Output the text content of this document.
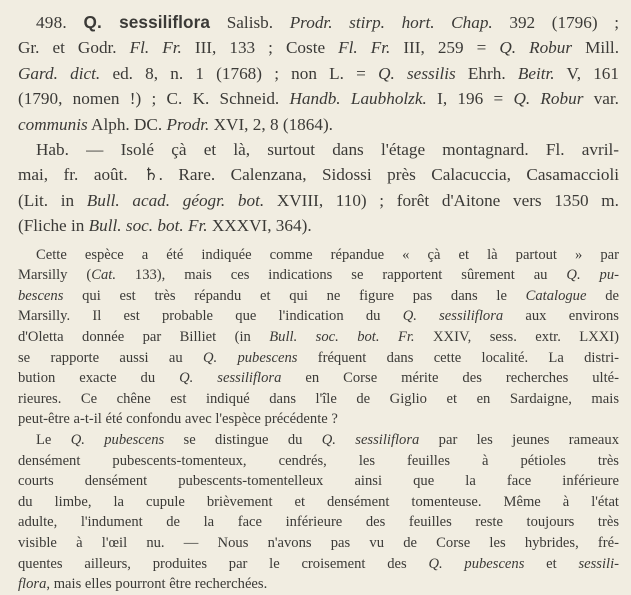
498. Q. sessiliflora Salisb. Prodr. stirp. hort. Chap. 392 (1796) ;
Gr. et Godr. Fl. Fr. III, 133 ; Coste Fl. Fr. III, 259 = Q. Robur Mill.
Gard. dict. ed. 8, n. 1 (1768) ; non L. = Q. sessilis Ehrh. Beitr. V, 161
(1790, nomen !) ; C. K. Schneid. Handb. Laubholzk. I, 196 = Q. Robur var.
communis Alph. DC. Prodr. XVI, 2, 8 (1864).
Hab. — Isolé çà et là, surtout dans l'étage montagnard. Fl. avril-
mai, fr. août. ♄. Rare. Calenzana, Sidossi près Calacuccia, Casamaccioli
(Lit. in Bull. acad. géogr. bot. XVIII, 110) ; forêt d'Aitone vers 1350 m.
(Fliche in Bull. soc. bot. Fr. XXXVI, 364).
Cette espèce a été indiquée comme répandue « çà et là partout » par
Marsilly (Cat. 133), mais ces indications se rapportent sûrement au Q. pu-
bescens qui est très répandu et qui ne figure pas dans le Catalogue de
Marsilly. Il est probable que l'indication du Q. sessiliflora aux environs
d'Oletta donnée par Billiet (in Bull. soc. bot. Fr. XXIV, sess. extr. LXXI)
se rapporte aussi au Q. pubescens fréquent dans cette localité. La distri-
bution exacte du Q. sessiliflora en Corse mérite des recherches ulté-
rieures. Ce chêne est indiqué dans l'île de Giglio et en Sardaigne, mais
peut-être a-t-il été confondu avec l'espèce précédente ?
Le Q. pubescens se distingue du Q. sessiliflora par les jeunes rameaux
densément pubescents-tomenteux, cendrés, les feuilles à pétioles très
courts densément pubescents-tomentelleux ainsi que la face inférieure
du limbe, la cupule brièvement et densément tomenteuse. Même à l'état
adulte, l'indument de la face inférieure des feuilles reste toujours très
visible à l'œil nu. — Nous n'avons pas vu de Corse les hybrides, fré-
quentes ailleurs, produites par le croisement des Q. pubescens et sessili-
flora, mais elles pourront être recherchées.
